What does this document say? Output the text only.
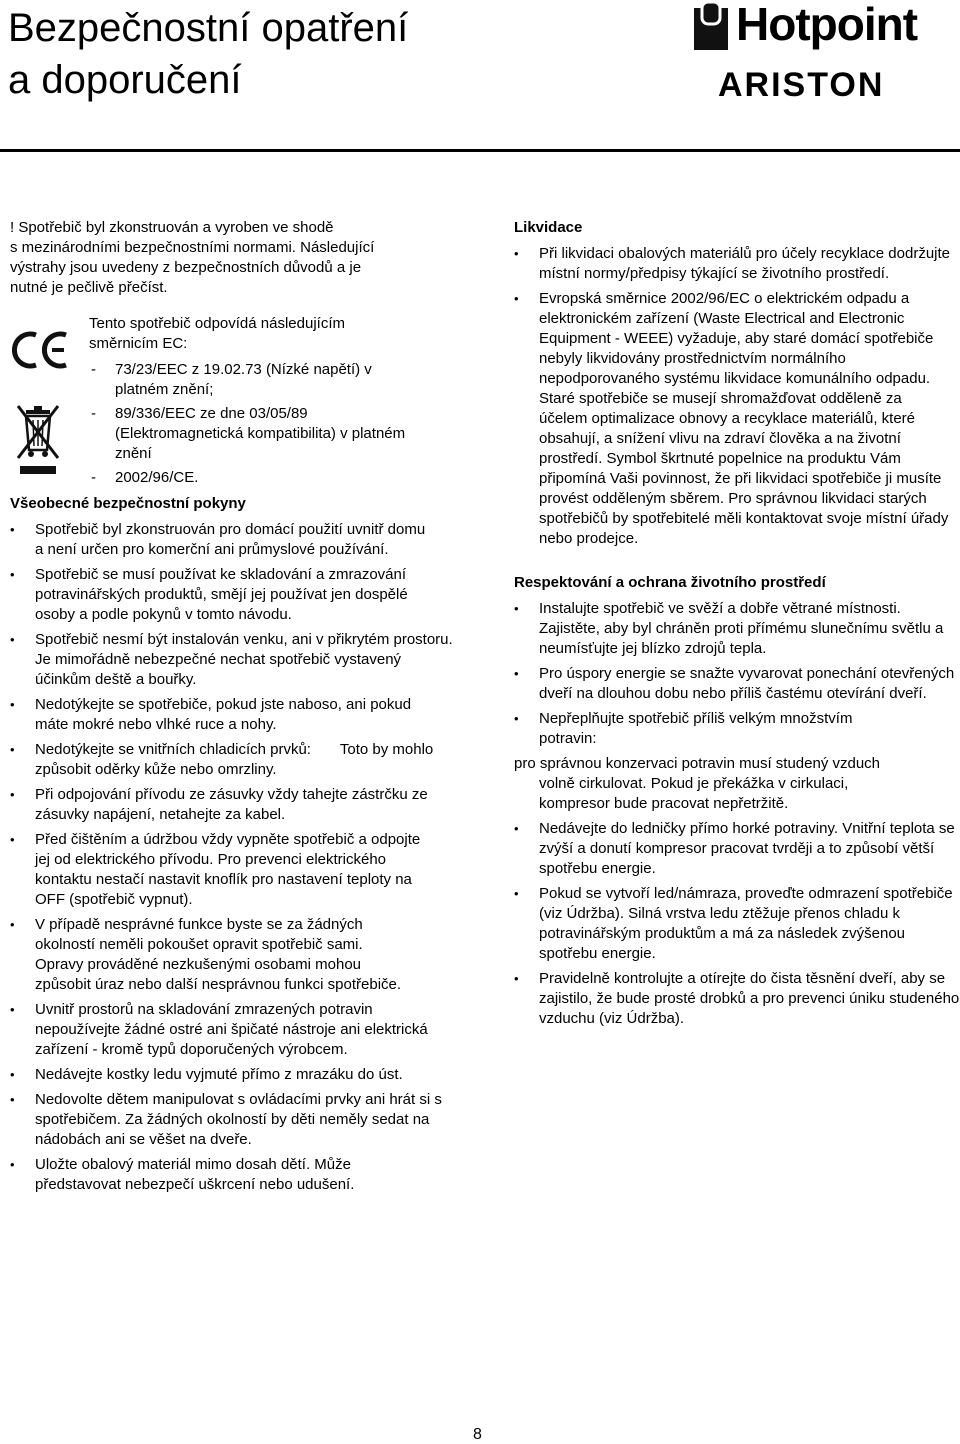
Bezpečnostní opatření
a doporučení
Hotpoint
ARISTON

! Spotřebič byl zkonstruován a vyroben ve shodě
s mezinárodními bezpečnostními normami. Následující
výstrahy jsou uvedeny z bezpečnostních důvodů a je
nutné je pečlivě přečíst.

Tento spotřebič odpovídá následujícím směrnicím EC:

- 73/23/EEC z 19.02.73 (Nízké napětí) v platném znění;
- 89/336/EEC ze dne 03/05/89 (Elektromagnetická kompatibilita) v platném znění
- 2002/96/CE.
Všeobecné bezpečnostní pokyny
• Spotřebič byl zkonstruován pro domácí použití uvnitř domu a není určen pro komerční ani průmyslové používání.
• Spotřebič se musí používat ke skladování a zmrazování potravinářských produktů, smějí jej používat jen dospělé osoby a podle pokynů v tomto návodu.
• Spotřebič nesmí být instalován venku, ani v přikrytém prostoru. Je mimořádně nebezpečné nechat spotřebič vystavený účinkům deště a bouřky.
• Nedotýkejte se spotřebiče, pokud jste naboso, ani pokud máte mokré nebo vlhké ruce a nohy.
• Nedotýkejte se vnitřních chladicích prvků:       Toto by mohlo způsobit oděrky kůže nebo omrzliny.
• Při odpojování přívodu ze zásuvky vždy tahejte zástrčku ze zásuvky napájení, netahejte za kabel.
• Před čištěním a údržbou vždy vypněte spotřebič a odpojte jej od elektrického přívodu. Pro prevenci elektrického kontaktu nestačí nastavit knoflík pro nastavení teploty na OFF (spotřebič vypnut).
• V případě nesprávné funkce byste se za žádných okolností neměli pokoušet opravit spotřebič sami. Opravy prováděné nezkušenými osobami mohou způsobit úraz nebo další nesprávnou funkci spotřebiče.
• Uvnitř prostorů na skladování zmrazených potravin nepoužívejte žádné ostré ani špičaté nástroje ani elektrická zařízení - kromě typů doporučených výrobcem.
• Nedávejte kostky ledu vyjmuté přímo z mrazáku do úst.
• Nedovolte dětem manipulovat s ovládacími prvky ani hrát si s spotřebičem. Za žádných okolností by děti neměly sedat na nádobách ani se věšet na dveře.
• Uložte obalový materiál mimo dosah dětí. Může představovat nebezpečí uškrcení nebo udušení.
Likvidace
• Při likvidaci obalových materiálů pro účely recyklace dodržujte místní normy/předpisy týkající se životního prostředí.
• Evropská směrnice 2002/96/EC o elektrickém odpadu a elektronickém zařízení (Waste Electrical and Electronic Equipment - WEEE) vyžaduje, aby staré domácí spotřebiče nebyly likvidovány prostřednictvím normálního nepodporovaného systému likvidace komunálního odpadu. Staré spotřebiče se musejí shromažďovat odděleně za účelem optimalizace obnovy a recyklace materiálů, které obsahují, a snížení vlivu na zdraví člověka a na životní prostředí. Symbol škrtnuté popelnice na produktu Vám připomíná Vaši povinnost, že při likvidaci spotřebiče ji musíte provést odděleným sběrem. Pro správnou likvidaci starých spotřebičů by spotřebitelé měli kontaktovat svoje místní úřady nebo prodejce.
Respektování a ochrana životního prostředí
• Instalujte spotřebič ve svěží a dobře větrané místnosti. Zajistěte, aby byl chráněn proti přímému slunečnímu světlu a neumísťujte jej blízko zdrojů tepla.
• Pro úspory energie se snažte vyvarovat ponechání otevřených dveří na dlouhou dobu nebo příliš častému otevírání dveří.
• Nepřeplňujte spotřebič příliš velkým množstvím potravin:

pro správnou konzervaci potravin musí studený vzduch

volně cirkulovat. Pokud je překážka v cirkulaci, kompresor bude pracovat nepřetržitě.

• Nedávejte do ledničky přímo horké potraviny. Vnitřní teplota se zvýší a donutí kompresor pracovat tvrději a to způsobí větší spotřebu energie.
• Pokud se vytvoří led/námraza, proveďte odmrazení spotřebiče (viz Údržba). Silná vrstva ledu ztěžuje přenos chladu k potravinářským produktům a má za následek zvýšenou spotřebu energie.
• Pravidelně kontrolujte a otírejte do čista těsnění dveří, aby se zajistilo, že bude prosté drobků a pro prevenci úniku studeného vzduchu (viz Údržba).
8
